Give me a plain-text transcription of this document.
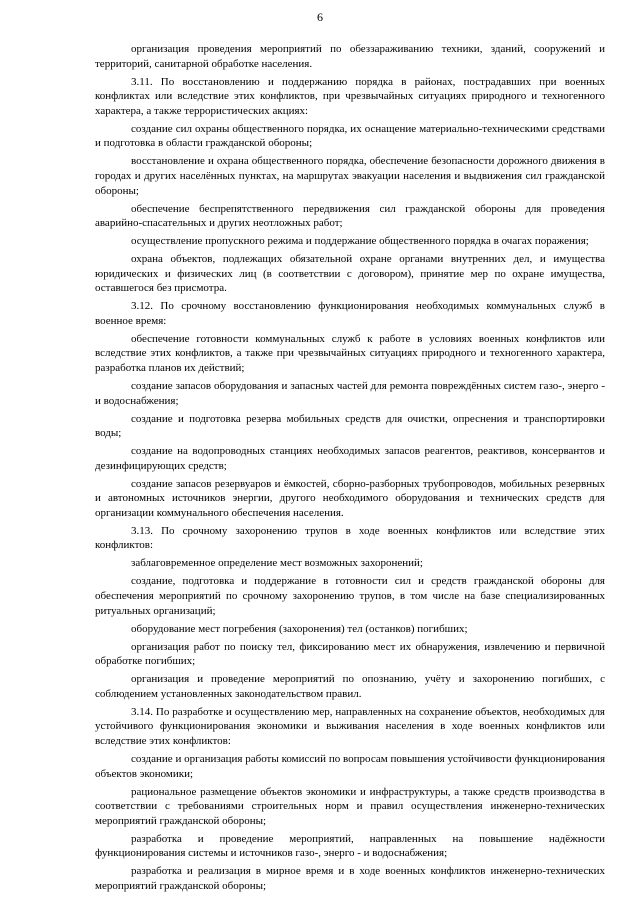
6

организация проведения мероприятий по обеззараживанию техники, зданий, сооружений и территорий, санитарной обработке населения.

3.11. По восстановлению и поддержанию порядка в районах, пострадавших при военных конфликтах или вследствие этих конфликтов, при чрезвычайных ситуациях природного и техногенного характера, а также террористических акциях:

создание сил охраны общественного порядка, их оснащение материально-техническими средствами и подготовка в области гражданской обороны;

восстановление и охрана общественного порядка, обеспечение безопасности дорожного движения в городах и других населённых пунктах, на маршрутах эвакуации населения и выдвижения сил гражданской обороны;

обеспечение беспрепятственного передвижения сил гражданской обороны для проведения аварийно-спасательных и других неотложных работ;

осуществление пропускного режима и поддержание общественного порядка в очагах поражения;

охрана объектов, подлежащих обязательной охране органами внутренних дел, и имущества юридических и физических лиц (в соответствии с договором), принятие мер по охране имущества, оставшегося без присмотра.

3.12. По срочному восстановлению функционирования необходимых коммунальных служб в военное время:

обеспечение готовности коммунальных служб к работе в условиях военных конфликтов или вследствие этих конфликтов, а также при чрезвычайных ситуациях природного и техногенного характера, разработка планов их действий;

создание запасов оборудования и запасных частей для ремонта повреждённых систем газо-, энерго - и водоснабжения;

создание и подготовка резерва мобильных средств для очистки, опреснения и транспортировки воды;

создание на водопроводных станциях необходимых запасов реагентов, реактивов, консервантов и дезинфицирующих средств;

создание запасов резервуаров и ёмкостей, сборно-разборных трубопроводов, мобильных резервных и автономных источников энергии, другого необходимого оборудования и технических средств для организации коммунального обеспечения населения.

3.13. По срочному захоронению трупов в ходе военных конфликтов или вследствие этих конфликтов:

заблаговременное определение мест возможных захоронений;

создание, подготовка и поддержание в готовности сил и средств гражданской обороны для обеспечения мероприятий по срочному захоронению трупов, в том числе на базе специализированных ритуальных организаций;

оборудование мест погребения (захоронения) тел (останков) погибших;

организация работ по поиску тел, фиксированию мест их обнаружения, извлечению и первичной обработке погибших;

организация и проведение мероприятий по опознанию, учёту и захоронению погибших, с соблюдением установленных законодательством правил.

3.14. По разработке и осуществлению мер, направленных на сохранение объектов, необходимых для устойчивого функционирования экономики и выживания населения в ходе военных конфликтов или вследствие этих конфликтов:

создание и организация работы комиссий по вопросам повышения устойчивости функционирования объектов экономики;

рациональное размещение объектов экономики и инфраструктуры, а также средств производства в соответствии с требованиями строительных норм и правил осуществления инженерно-технических мероприятий гражданской обороны;

разработка и проведение мероприятий, направленных на повышение надёжности функционирования системы и источников газо-, энерго - и водоснабжения;

разработка и реализация в мирное время и в ходе военных конфликтов инженерно-технических мероприятий гражданской обороны;
